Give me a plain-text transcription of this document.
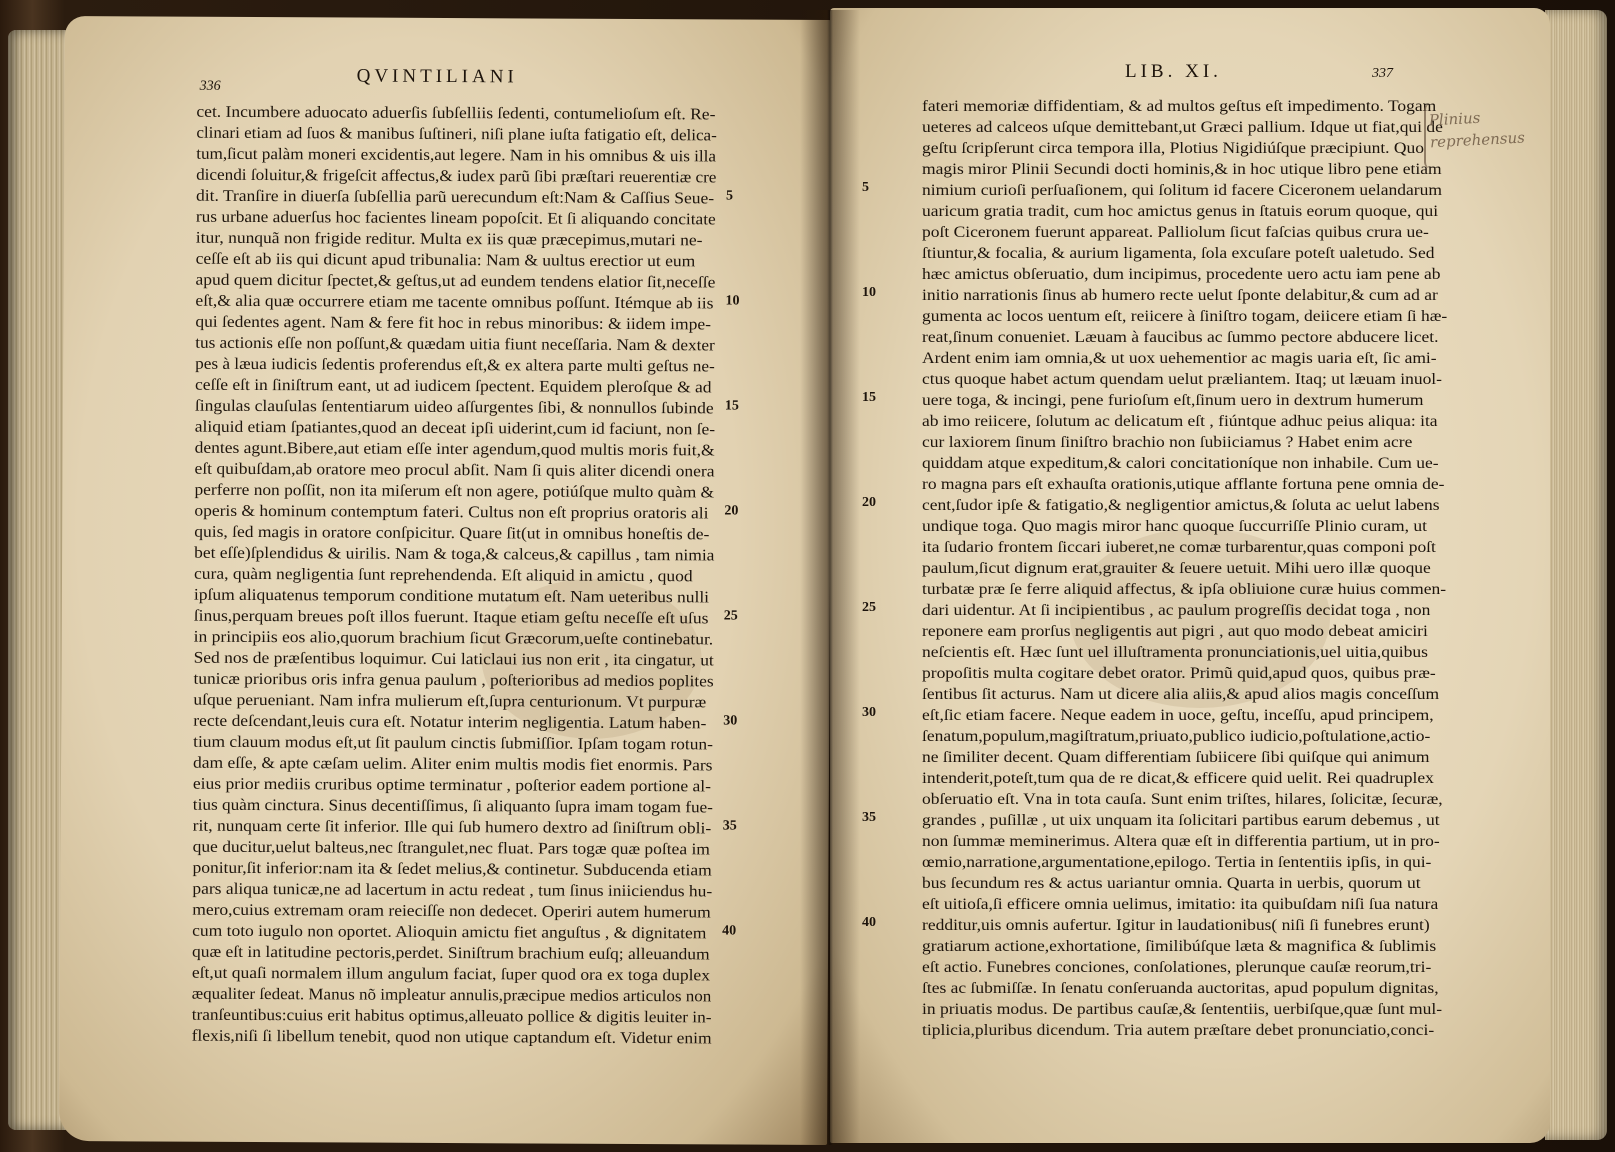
336	QVINTILIANI
cet. Incumbere aduocato aduerſis ſubſelliis ſedenti, contumelioſum eſt. Re-
clinari etiam ad ſuos & manibus ſuſtineri, niſi plane iuſta fatigatio eſt, delica-
tum,ſicut palàm moneri excidentis,aut legere. Nam in his omnibus & uis illa
dicendi ſoluitur,& frigeſcit affectus,& iudex parũ ſibi præſtari reuerentiæ cre
dit. Tranſire in diuerſa ſubſellia parũ uerecundum eſt:Nam & Caſſius Seue-
rus urbane aduerſus hoc facientes lineam popoſcit. Et ſi aliquando concitate
itur, nunquã non frigide reditur. Multa ex iis quæ præcepimus,mutari ne-
ceſſe eſt ab iis qui dicunt apud tribunalia: Nam & uultus erectior ut eum
apud quem dicitur ſpectet,& geſtus,ut ad eundem tendens elatior ſit,neceſſe
eſt,& alia quæ occurrere etiam me tacente omnibus poſſunt. Itémque ab iis
qui ſedentes agent. Nam & fere fit hoc in rebus minoribus: & iidem impe-
tus actionis eſſe non poſſunt,& quædam uitia fiunt neceſſaria. Nam & dexter
pes à læua iudicis ſedentis proferendus eſt,& ex altera parte multi geſtus ne-
ceſſe eſt in ſiniſtrum eant, ut ad iudicem ſpectent. Equidem pleroſque & ad
ſingulas clauſulas ſententiarum uideo aſſurgentes ſibi, & nonnullos ſubinde
aliquid etiam ſpatiantes,quod an deceat ipſi uiderint,cum id faciunt, non ſe-
dentes agunt.Bibere,aut etiam eſſe inter agendum,quod multis moris fuit,&
eſt quibuſdam,ab oratore meo procul abſit. Nam ſi quis aliter dicendi onera
perferre non poſſit, non ita miſerum eſt non agere, potiúſque multo quàm &
operis & hominum contemptum fateri. Cultus non eſt proprius oratoris ali
quis, ſed magis in oratore conſpicitur. Quare ſit(ut in omnibus honeſtis de-
bet eſſe)ſplendidus & uirilis. Nam & toga,& calceus,& capillus , tam nimia
cura, quàm negligentia ſunt reprehendenda. Eſt aliquid in amictu , quod
ipſum aliquatenus temporum conditione mutatum eſt. Nam ueteribus nulli
ſinus,perquam breues poſt illos fuerunt. Itaque etiam geſtu neceſſe eſt uſus
in principiis eos alio,quorum brachium ſicut Græcorum,ueſte continebatur.
Sed nos de præſentibus loquimur. Cui laticlaui ius non erit , ita cingatur, ut
tunicæ prioribus oris infra genua paulum , poſterioribus ad medios poplites
uſque perueniant. Nam infra mulierum eſt,ſupra centurionum. Vt purpuræ
recte deſcendant,leuis cura eſt. Notatur interim negligentia. Latum haben-
tium clauum modus eſt,ut ſit paulum cinctis ſubmiſſior. Ipſam togam rotun-
dam eſſe, & apte cæſam uelim. Aliter enim multis modis fiet enormis. Pars
eius prior mediis cruribus optime terminatur , poſterior eadem portione al-
tius quàm cinctura. Sinus decentiſſimus, ſi aliquanto ſupra imam togam fue-
rit, nunquam certe ſit inferior. Ille qui ſub humero dextro ad ſiniſtrum obli-
que ducitur,uelut balteus,nec ſtrangulet,nec fluat. Pars togæ quæ poſtea im
ponitur,ſit inferior:nam ita & ſedet melius,& continetur. Subducenda etiam
pars aliqua tunicæ,ne ad lacertum in actu redeat , tum ſinus iniiciendus hu-
mero,cuius extremam oram reieciſſe non dedecet. Operiri autem humerum
cum toto iugulo non oportet. Alioquin amictu fiet anguſtus , & dignitatem
quæ eſt in latitudine pectoris,perdet. Siniſtrum brachium euſq; alleuandum
eſt,ut quaſi normalem illum angulum faciat, ſuper quod ora ex toga duplex
æqualiter ſedeat. Manus nõ impleatur annulis,præcipue medios articulos non
tranſeuntibus:cuius erit habitus optimus,alleuato pollice & digitis leuiter in-
flexis,niſi ſi libellum tenebit, quod non utique captandum eſt. Videtur enim
5
10
15
20
25
30
35
40
LIB. XI.	337
fateri memoriæ diffidentiam, & ad multos geſtus eſt impedimento. Togam
ueteres ad calceos uſque demittebant,ut Græci pallium. Idque ut fiat,qui de
geſtu ſcripſerunt circa tempora illa, Plotius Nigidiúſque præcipiunt. Quo
magis miror Plinii Secundi docti hominis,& in hoc utique libro pene etiam
nimium curioſi perſuaſionem, qui ſolitum id facere Ciceronem uelandarum
uaricum gratia tradit, cum hoc amictus genus in ſtatuis eorum quoque, qui
poſt Ciceronem fuerunt appareat. Palliolum ſicut faſcias quibus crura ue-
ſtiuntur,& focalia, & aurium ligamenta, ſola excuſare poteſt ualetudo. Sed
hæc amictus obſeruatio, dum incipimus, procedente uero actu iam pene ab
initio narrationis ſinus ab humero recte uelut ſponte delabitur,& cum ad ar
gumenta ac locos uentum eſt, reiicere à ſiniſtro togam, deiicere etiam ſi hæ-
reat,ſinum conueniet. Læuam à faucibus ac ſummo pectore abducere licet.
Ardent enim iam omnia,& ut uox uehementior ac magis uaria eſt, ſic ami-
ctus quoque habet actum quendam uelut præliantem. Itaq; ut læuam inuol-
uere toga, & incingi, pene furioſum eſt,ſinum uero in dextrum humerum
ab imo reiicere, ſolutum ac delicatum eſt , fiúntque adhuc peius aliqua: ita
cur laxiorem ſinum ſiniſtro brachio non ſubiiciamus ? Habet enim acre
quiddam atque expeditum,& calori concitationíque non inhabile. Cum ue-
ro magna pars eſt exhauſta orationis,utique afflante fortuna pene omnia de-
cent,ſudor ipſe & fatigatio,& negligentior amictus,& ſoluta ac uelut labens
undique toga. Quo magis miror hanc quoque ſuccurriſſe Plinio curam, ut
ita ſudario frontem ſiccari iuberet,ne comæ turbarentur,quas componi poſt
paulum,ſicut dignum erat,grauiter & ſeuere uetuit. Mihi uero illæ quoque
turbatæ præ ſe ferre aliquid affectus, & ipſa obliuione curæ huius commen-
dari uidentur. At ſi incipientibus , ac paulum progreſſis decidat toga , non
reponere eam prorſus negligentis aut pigri , aut quo modo debeat amiciri
neſcientis eſt. Hæc ſunt uel illuſtramenta pronunciationis,uel uitia,quibus
propoſitis multa cogitare debet orator. Primũ quid,apud quos, quibus præ-
ſentibus ſit acturus. Nam ut dicere alia aliis,& apud alios magis conceſſum
eſt,ſic etiam facere. Neque eadem in uoce, geſtu, inceſſu, apud principem,
ſenatum,populum,magiſtratum,priuato,publico iudicio,poſtulatione,actio-
ne ſimiliter decent. Quam differentiam ſubiicere ſibi quiſque qui animum
intenderit,poteſt,tum qua de re dicat,& efficere quid uelit. Rei quadruplex
obſeruatio eſt. Vna in tota cauſa. Sunt enim triſtes, hilares, ſolicitæ, ſecuræ,
grandes , puſillæ , ut uix unquam ita ſolicitari partibus earum debemus , ut
non ſummæ meminerimus. Altera quæ eſt in differentia partium, ut in pro-
œmio,narratione,argumentatione,epilogo. Tertia in ſententiis ipſis, in qui-
bus ſecundum res & actus uariantur omnia. Quarta in uerbis, quorum ut
eſt uitioſa,ſi efficere omnia uelimus, imitatio: ita quibuſdam niſi ſua natura
redditur,uis omnis aufertur. Igitur in laudationibus( niſi ſi funebres erunt)
gratiarum actione,exhortatione, ſimilibúſque læta & magnifica & ſublimis
eſt actio. Funebres conciones, conſolationes, plerunque cauſæ reorum,tri-
ſtes ac ſubmiſſæ. In ſenatu conſeruanda auctoritas, apud populum dignitas,
in priuatis modus. De partibus cauſæ,& ſententiis, uerbiſque,quæ ſunt mul-
tiplicia,pluribus dicendum. Tria autem præſtare debet pronunciatio,conci-
5
10
15
20
25
30
35
40
Plinius reprehensus
